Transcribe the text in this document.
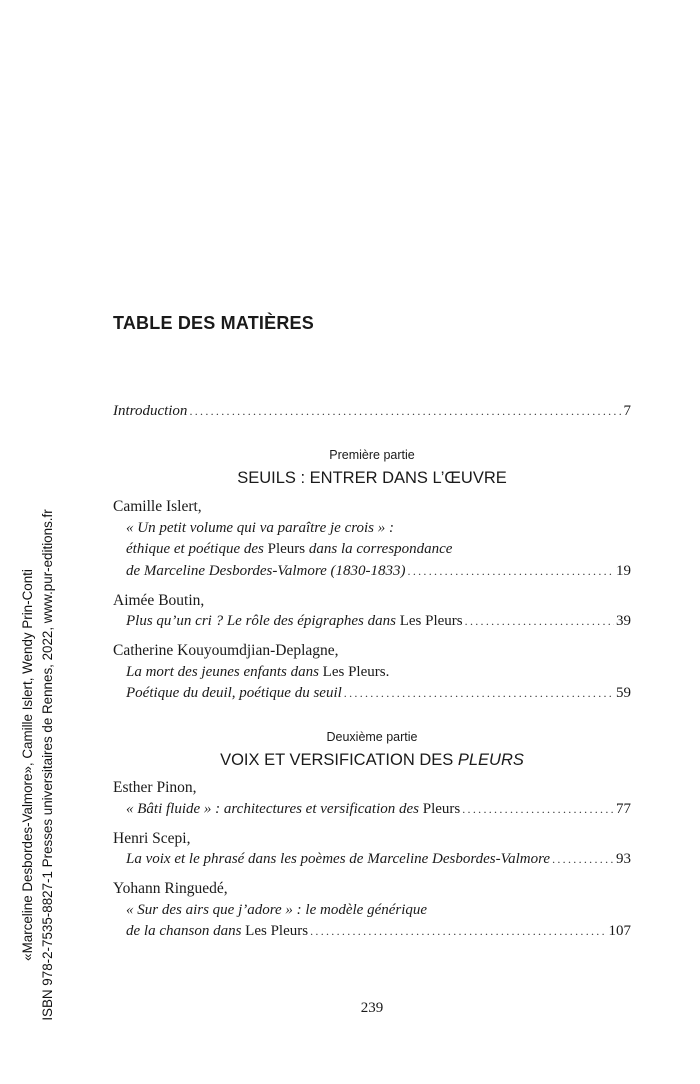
«Marceline Desbordes-Valmore», Camille Islert, Wendy Prin-Conti ISBN 978-2-7535-8827-1 Presses universitaires de Rennes, 2022, www.pur-editions.fr
TABLE DES MATIÈRES
Introduction .....	7
Première partie
SEUILS : ENTRER DANS L’ŒUVRE
Camille Islert,
« Un petit volume qui va paraître je crois » :
éthique et poétique des Pleurs dans la correspondance
de Marceline Desbordes-Valmore (1830-1833) .....	19
Aimée Boutin,
Plus qu’un cri ? Le rôle des épigraphes dans Les Pleurs .....	39
Catherine Kouyoumdjian-Deplagne,
La mort des jeunes enfants dans Les Pleurs.
Poétique du deuil, poétique du seuil .....	59
Deuxième partie
VOIX ET VERSIFICATION DES PLEURS
Esther Pinon,
« Bâti fluide » : architectures et versification des Pleurs .....	77
Henri Scepi,
La voix et le phrasé dans les poèmes de Marceline Desbordes-Valmore .....	93
Yohann Ringuedé,
« Sur des airs que j’adore » : le modèle générique
de la chanson dans Les Pleurs .....	107
239
